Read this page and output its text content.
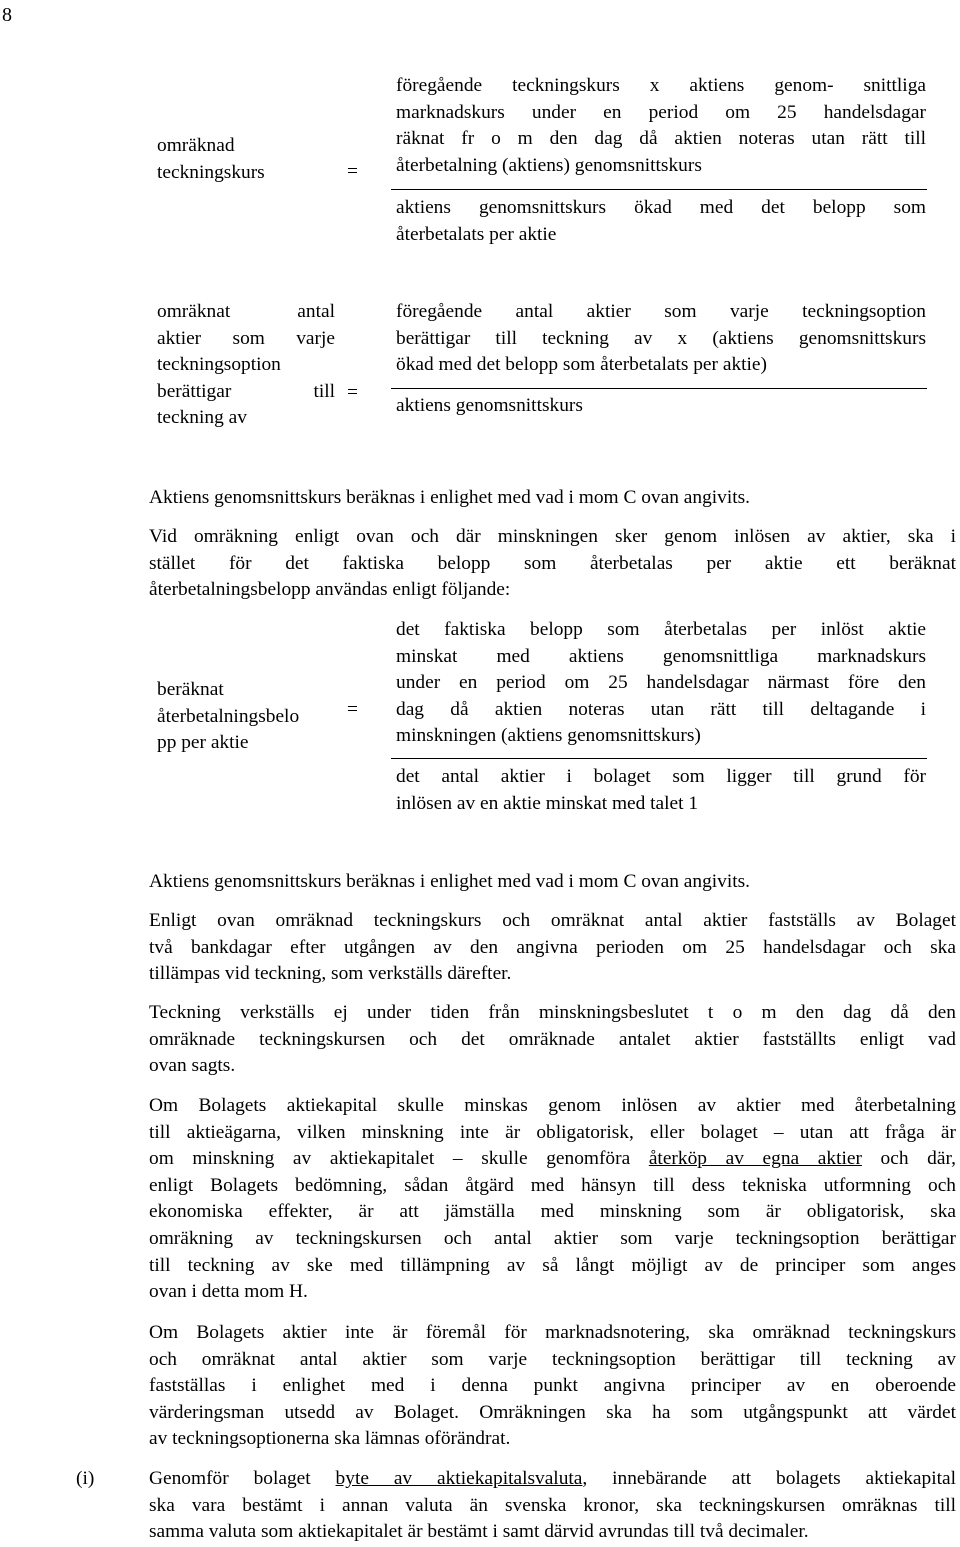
8
omräknad
teckningskurs	=
föregående teckningskurs x aktiens genom- snittliga
marknadskurs under en period om 25 handelsdagar
räknat fr o m den dag då aktien noteras utan rätt till
återbetalning (aktiens) genomsnittskurs
aktiens genomsnittskurs ökad med det belopp som
återbetalats per aktie
omräknat antal
aktier som varje
teckningsoption
berättigar till
teckning av
=
föregående antal aktier som varje teckningsoption
berättigar till teckning av x (aktiens genomsnittskurs
ökad med det belopp som återbetalats per aktie)
aktiens genomsnittskurs
Aktiens genomsnittskurs beräknas i enlighet med vad i mom C ovan angivits.
Vid omräkning enligt ovan och där minskningen sker genom inlösen av aktier, ska i
stället för det faktiska belopp som återbetalas per aktie ett beräknat
återbetalningsbelopp användas enligt följande:
beräknat
återbetalningsbelo
pp per aktie
=
det faktiska belopp som återbetalas per inlöst aktie
minskat med aktiens genomsnittliga marknadskurs
under en period om 25 handelsdagar närmast före den
dag då aktien noteras utan rätt till deltagande i
minskningen (aktiens genomsnittskurs)
det antal aktier i bolaget som ligger till grund för
inlösen av en aktie minskat med talet 1
Aktiens genomsnittskurs beräknas i enlighet med vad i mom C ovan angivits.
Enligt ovan omräknad teckningskurs och omräknat antal aktier fastställs av Bolaget
två bankdagar efter utgången av den angivna perioden om 25 handelsdagar och ska
tillämpas vid teckning, som verkställs därefter.
Teckning verkställs ej under tiden från minskningsbeslutet t o m den dag då den
omräknade teckningskursen och det omräknade antalet aktier fastställts enligt vad
ovan sagts.
Om Bolagets aktiekapital skulle minskas genom inlösen av aktier med återbetalning
till aktieägarna, vilken minskning inte är obligatorisk, eller bolaget – utan att fråga är
om minskning av aktiekapitalet – skulle genomföra återköp av egna aktier och där,
enligt Bolagets bedömning, sådan åtgärd med hänsyn till dess tekniska utformning och
ekonomiska effekter, är att jämställa med minskning som är obligatorisk, ska
omräkning av teckningskursen och antal aktier som varje teckningsoption berättigar
till teckning av ske med tillämpning av så långt möjligt av de principer som anges
ovan i detta mom H.
Om Bolagets aktier inte är föremål för marknadsnotering, ska omräknad teckningskurs
och omräknat antal aktier som varje teckningsoption berättigar till teckning av
fastställas i enlighet med i denna punkt angivna principer av en oberoende
värderingsman utsedd av Bolaget. Omräkningen ska ha som utgångspunkt att värdet
av teckningsoptionerna ska lämnas oförändrat.
(i)	Genomför bolaget byte av aktiekapitalsvaluta, innebärande att bolagets aktiekapital
ska vara bestämt i annan valuta än svenska kronor, ska teckningskursen omräknas till
samma valuta som aktiekapitalet är bestämt i samt därvid avrundas till två decimaler.
